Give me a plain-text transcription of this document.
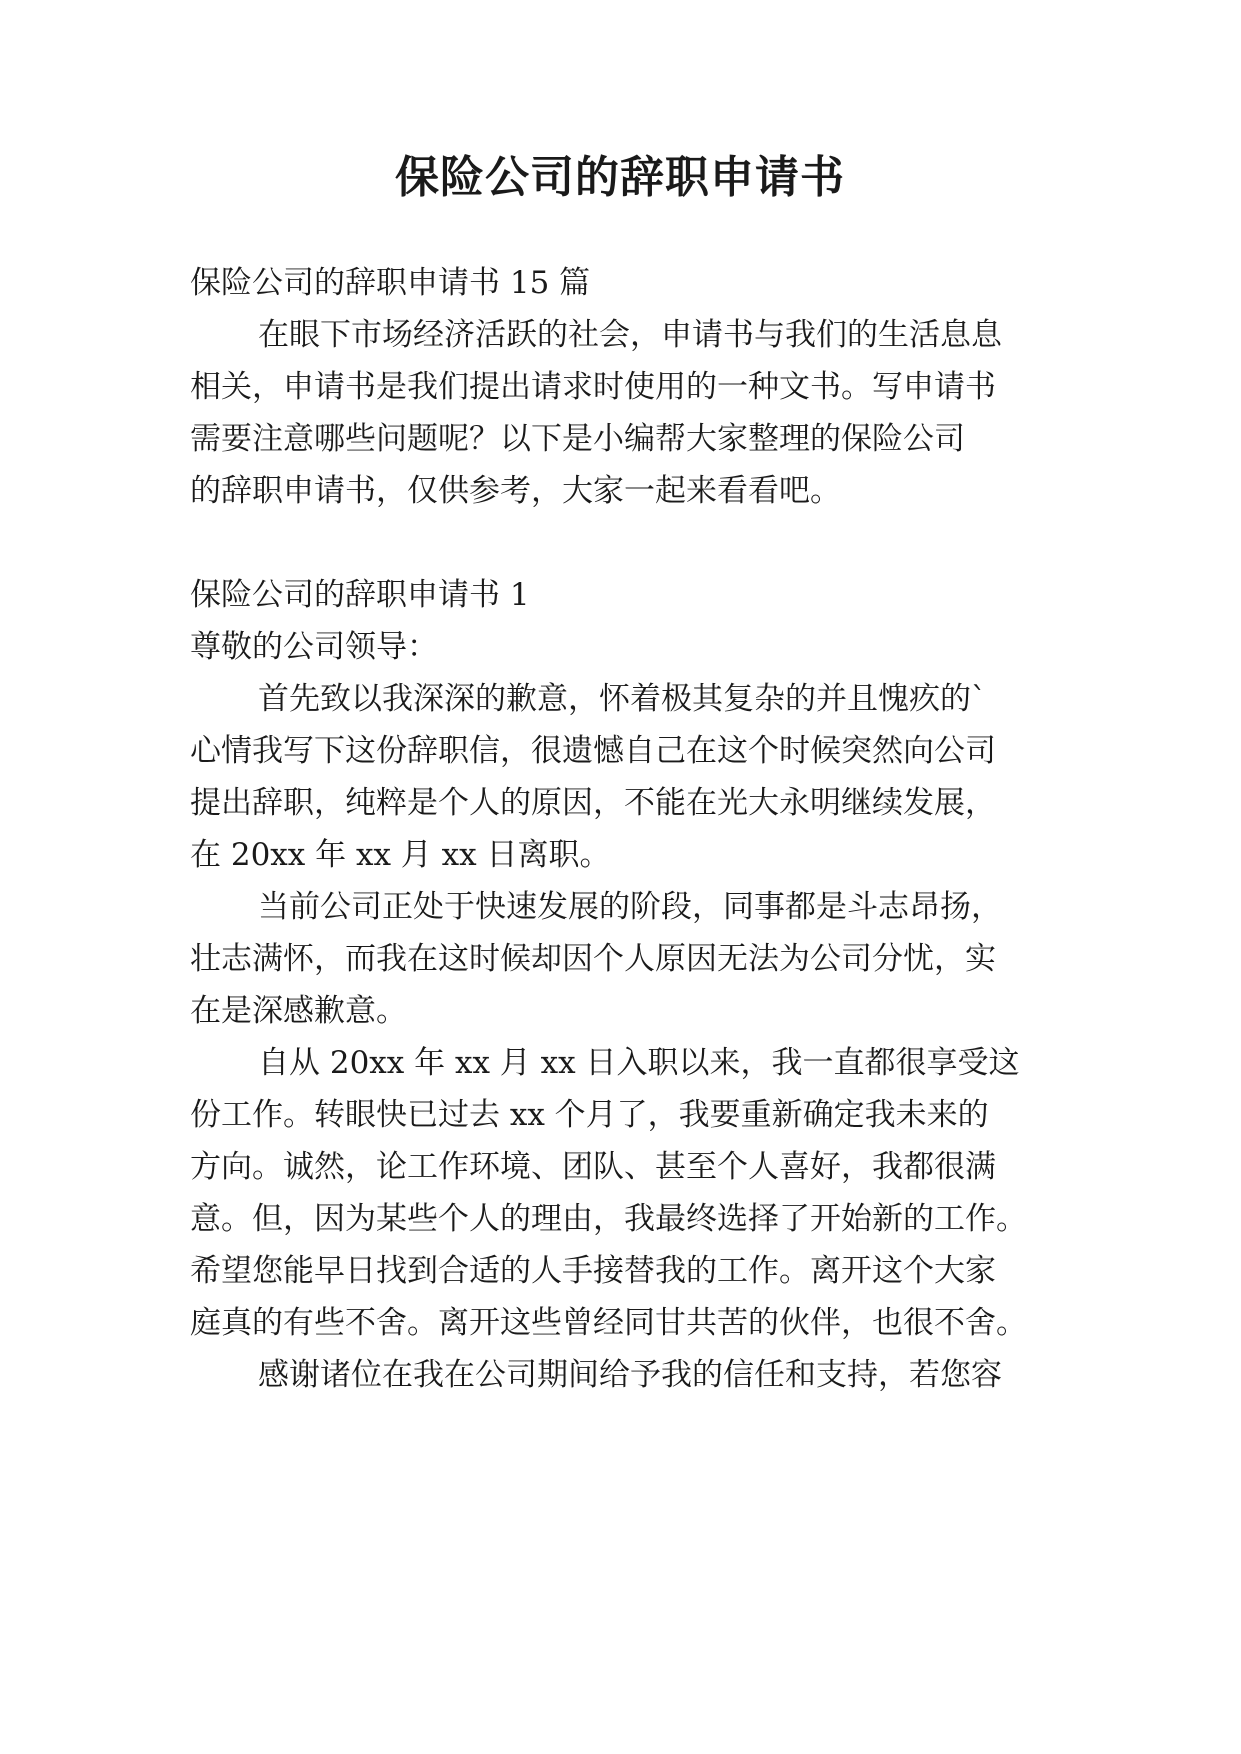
保险公司的辞职申请书

保险公司的辞职申请书 15 篇

在眼下市场经济活跃的社会，申请书与我们的生活息息

相关，申请书是我们提出请求时使用的一种文书。写申请书

需要注意哪些问题呢？以下是小编帮大家整理的保险公司

的辞职申请书，仅供参考，大家一起来看看吧。

保险公司的辞职申请书 1

尊敬的公司领导：

首先致以我深深的歉意，怀着极其复杂的并且愧疚的`

心情我写下这份辞职信，很遗憾自己在这个时候突然向公司

提出辞职，纯粹是个人的原因，不能在光大永明继续发展，

在 20xx 年 xx 月 xx 日离职。

当前公司正处于快速发展的阶段，同事都是斗志昂扬，

壮志满怀，而我在这时候却因个人原因无法为公司分忧，实

在是深感歉意。

自从 20xx 年 xx 月 xx 日入职以来，我一直都很享受这

份工作。转眼快已过去 xx 个月了，我要重新确定我未来的

方向。诚然，论工作环境、团队、甚至个人喜好，我都很满

意。但，因为某些个人的理由，我最终选择了开始新的工作。

希望您能早日找到合适的人手接替我的工作。离开这个大家

庭真的有些不舍。离开这些曾经同甘共苦的伙伴，也很不舍。

感谢诸位在我在公司期间给予我的信任和支持，若您容
